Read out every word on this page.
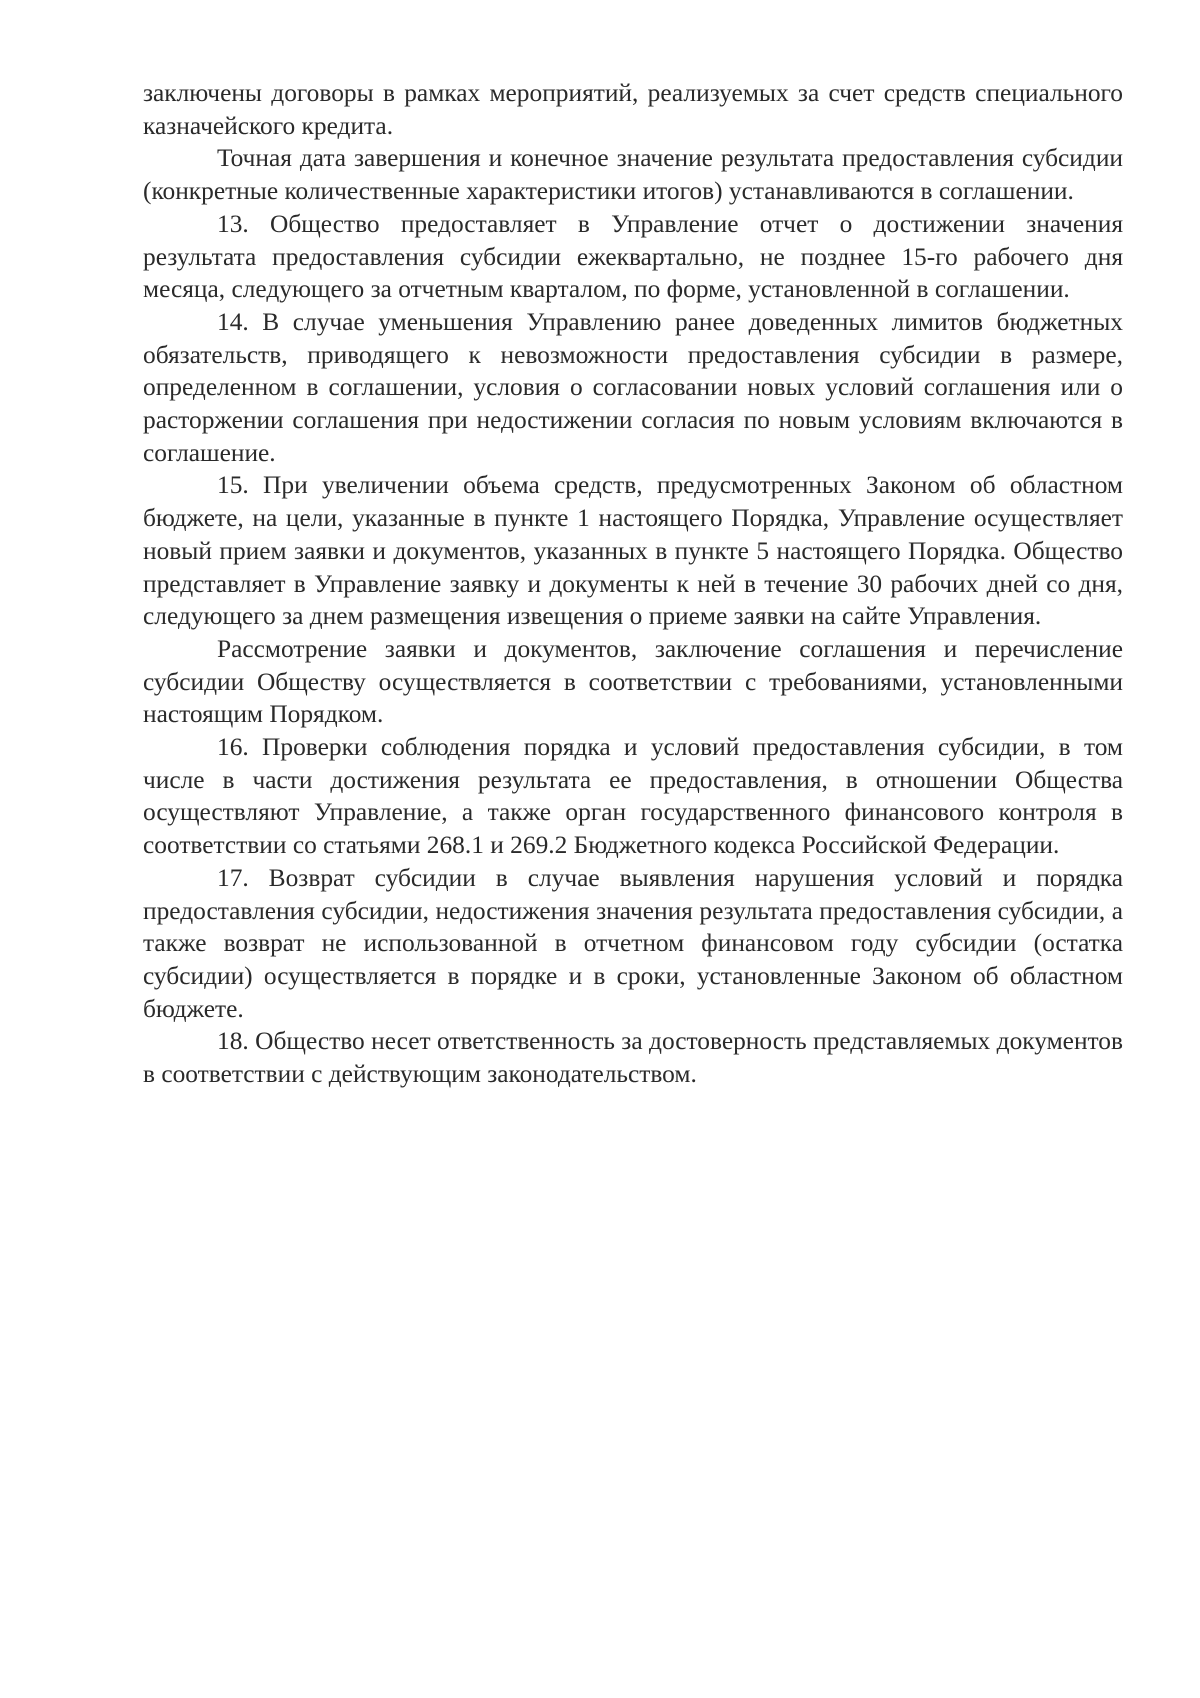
заключены договоры в рамках мероприятий, реализуемых за счет средств специального казначейского кредита.

Точная дата завершения и конечное значение результата предоставления субсидии (конкретные количественные характеристики итогов) устанавливаются в соглашении.

13. Общество предоставляет в Управление отчет о достижении значения результата предоставления субсидии ежеквартально, не позднее 15-го рабочего дня месяца, следующего за отчетным кварталом, по форме, установленной в соглашении.

14. В случае уменьшения Управлению ранее доведенных лимитов бюджетных обязательств, приводящего к невозможности предоставления субсидии в размере, определенном в соглашении, условия о согласовании новых условий соглашения или о расторжении соглашения при недостижении согласия по новым условиям включаются в соглашение.

15. При увеличении объема средств, предусмотренных Законом об областном бюджете, на цели, указанные в пункте 1 настоящего Порядка, Управление осуществляет новый прием заявки и документов, указанных в пункте 5 настоящего Порядка. Общество представляет в Управление заявку и документы к ней в течение 30 рабочих дней со дня, следующего за днем размещения извещения о приеме заявки на сайте Управления.

Рассмотрение заявки и документов, заключение соглашения и перечисление субсидии Обществу осуществляется в соответствии с требованиями, установленными настоящим Порядком.

16. Проверки соблюдения порядка и условий предоставления субсидии, в том числе в части достижения результата ее предоставления, в отношении Общества осуществляют Управление, а также орган государственного финансового контроля в соответствии со статьями 268.1 и 269.2 Бюджетного кодекса Российской Федерации.

17. Возврат субсидии в случае выявления нарушения условий и порядка предоставления субсидии, недостижения значения результата предоставления субсидии, а также возврат не использованной в отчетном финансовом году субсидии (остатка субсидии) осуществляется в порядке и в сроки, установленные Законом об областном бюджете.

18. Общество несет ответственность за достоверность представляемых документов в соответствии с действующим законодательством.
